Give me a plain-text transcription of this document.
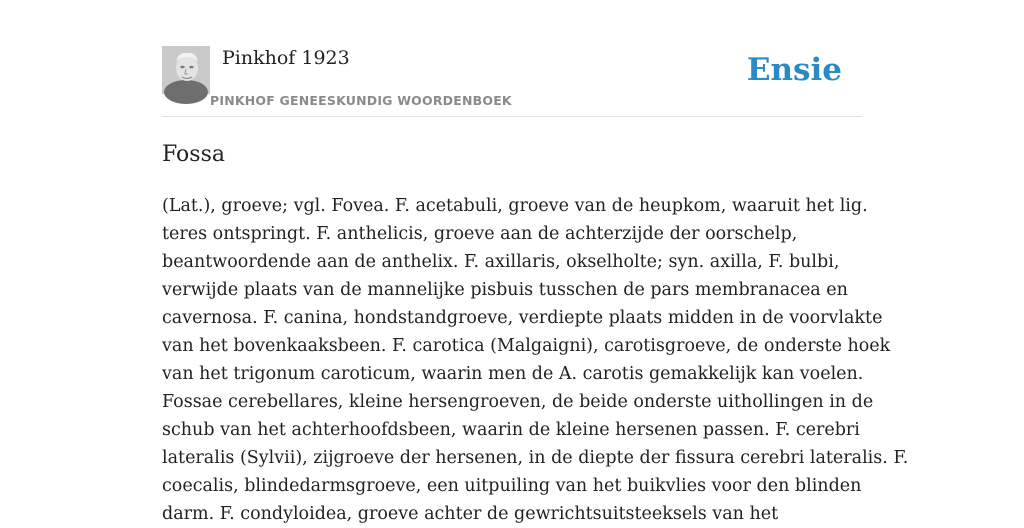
Pinkhof 1923
PINKHOF GENEESKUNDIG WOORDENBOEK
Ensie
Fossa
(Lat.), groeve; vgl. Fovea. F. acetabuli, groeve van de heupkom, waaruit het lig.
teres ontspringt. F. anthelicis, groeve aan de achterzijde der oorschelp,
beantwoordende aan de anthelix. F. axillaris, okselholte; syn. axilla, F. bulbi,
verwijde plaats van de mannelijke pisbuis tusschen de pars membranacea en
cavernosa. F. canina, hondstandgroeve, verdiepte plaats midden in de voorvlakte
van het bovenkaaksbeen. F. carotica (Malgaigni), carotisgroeve, de onderste hoek
van het trigonum caroticum, waarin men de A. carotis gemakkelijk kan voelen.
Fossae cerebellares, kleine hersengroeven, de beide onderste uithollingen in de
schub van het achterhoofdsbeen, waarin de kleine hersenen passen. F. cerebri
lateralis (Sylvii), zijgroeve der hersenen, in de diepte der fissura cerebri lateralis. F.
coecalis, blindedarmsgroeve, een uitpuiling van het buikvlies voor den blinden
darm. F. condyloidea, groeve achter de gewrichtsuitsteeksels van het
